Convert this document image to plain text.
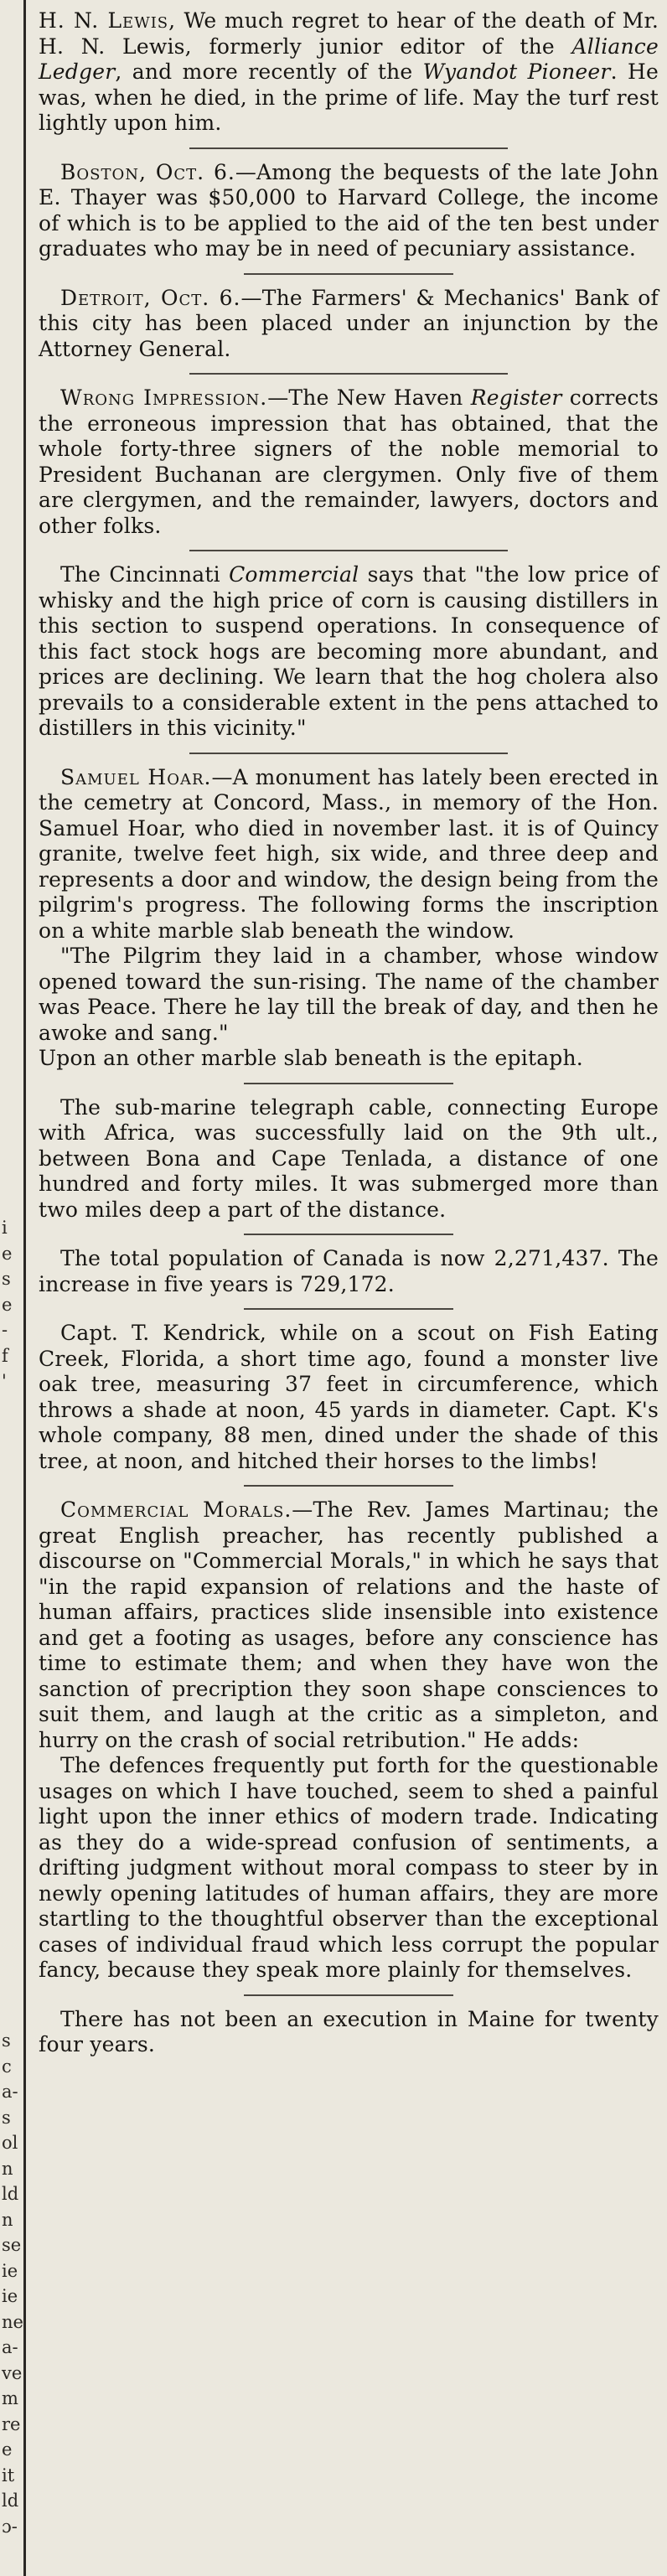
i
e
s
e
-
f
'
s
c
a-
s
ol
n
ld
n
se
ie
ie
ne
a-
ve
m
re
e
it
ld
ɔ-

H. N. Lewis, We much regret to hear of the death of Mr. H. N. Lewis, formerly junior editor of the Alliance Ledger, and more recently of the Wyandot Pioneer. He was, when he died, in the prime of life. May the turf rest lightly upon him.

Boston, Oct. 6.—Among the bequests of the late John E. Thayer was $50,000 to Harvard College, the income of which is to be applied to the aid of the ten best under graduates who may be in need of pecuniary assistance.

Detroit, Oct. 6.—The Farmers' & Mechanics' Bank of this city has been placed under an injunction by the Attorney General.

Wrong Impression.—The New Haven Register corrects the erroneous impression that has obtained, that the whole forty-three signers of the noble memorial to President Buchanan are clergymen. Only five of them are clergymen, and the remainder, lawyers, doctors and other folks.

The Cincinnati Commercial says that "the low price of whisky and the high price of corn is causing distillers in this section to suspend operations. In consequence of this fact stock hogs are becoming more abundant, and prices are declining. We learn that the hog cholera also prevails to a considerable extent in the pens attached to distillers in this vicinity."

Samuel Hoar.—A monument has lately been erected in the cemetry at Concord, Mass., in memory of the Hon. Samuel Hoar, who died in november last. it is of Quincy granite, twelve feet high, six wide, and three deep and represents a door and window, the design being from the pilgrim's progress. The following forms the inscription on a white marble slab beneath the window.

"The Pilgrim they laid in a chamber, whose window opened toward the sun-rising. The name of the chamber was Peace. There he lay till the break of day, and then he awoke and sang."

Upon an other marble slab beneath is the epitaph.

The sub-marine telegraph cable, connecting Europe with Africa, was successfully laid on the 9th ult., between Bona and Cape Tenlada, a distance of one hundred and forty miles. It was submerged more than two miles deep a part of the distance.

The total population of Canada is now 2,271,437. The increase in five years is 729,172.

Capt. T. Kendrick, while on a scout on Fish Eating Creek, Florida, a short time ago, found a monster live oak tree, measuring 37 feet in circumference, which throws a shade at noon, 45 yards in diameter. Capt. K's whole company, 88 men, dined under the shade of this tree, at noon, and hitched their horses to the limbs!

Commercial Morals.—The Rev. James Martinau; the great English preacher, has recently published a discourse on "Commercial Morals," in which he says that "in the rapid expansion of relations and the haste of human affairs, practices slide insensible into existence and get a footing as usages, before any conscience has time to estimate them; and when they have won the sanction of precription they soon shape consciences to suit them, and laugh at the critic as a simpleton, and hurry on the crash of social retribution." He adds:

The defences frequently put forth for the questionable usages on which I have touched, seem to shed a painful light upon the inner ethics of modern trade. Indicating as they do a wide-spread confusion of sentiments, a drifting judgment without moral compass to steer by in newly opening latitudes of human affairs, they are more startling to the thoughtful observer than the exceptional cases of individual fraud which less corrupt the popular fancy, because they speak more plainly for themselves.

There has not been an execution in Maine for twenty four years.
